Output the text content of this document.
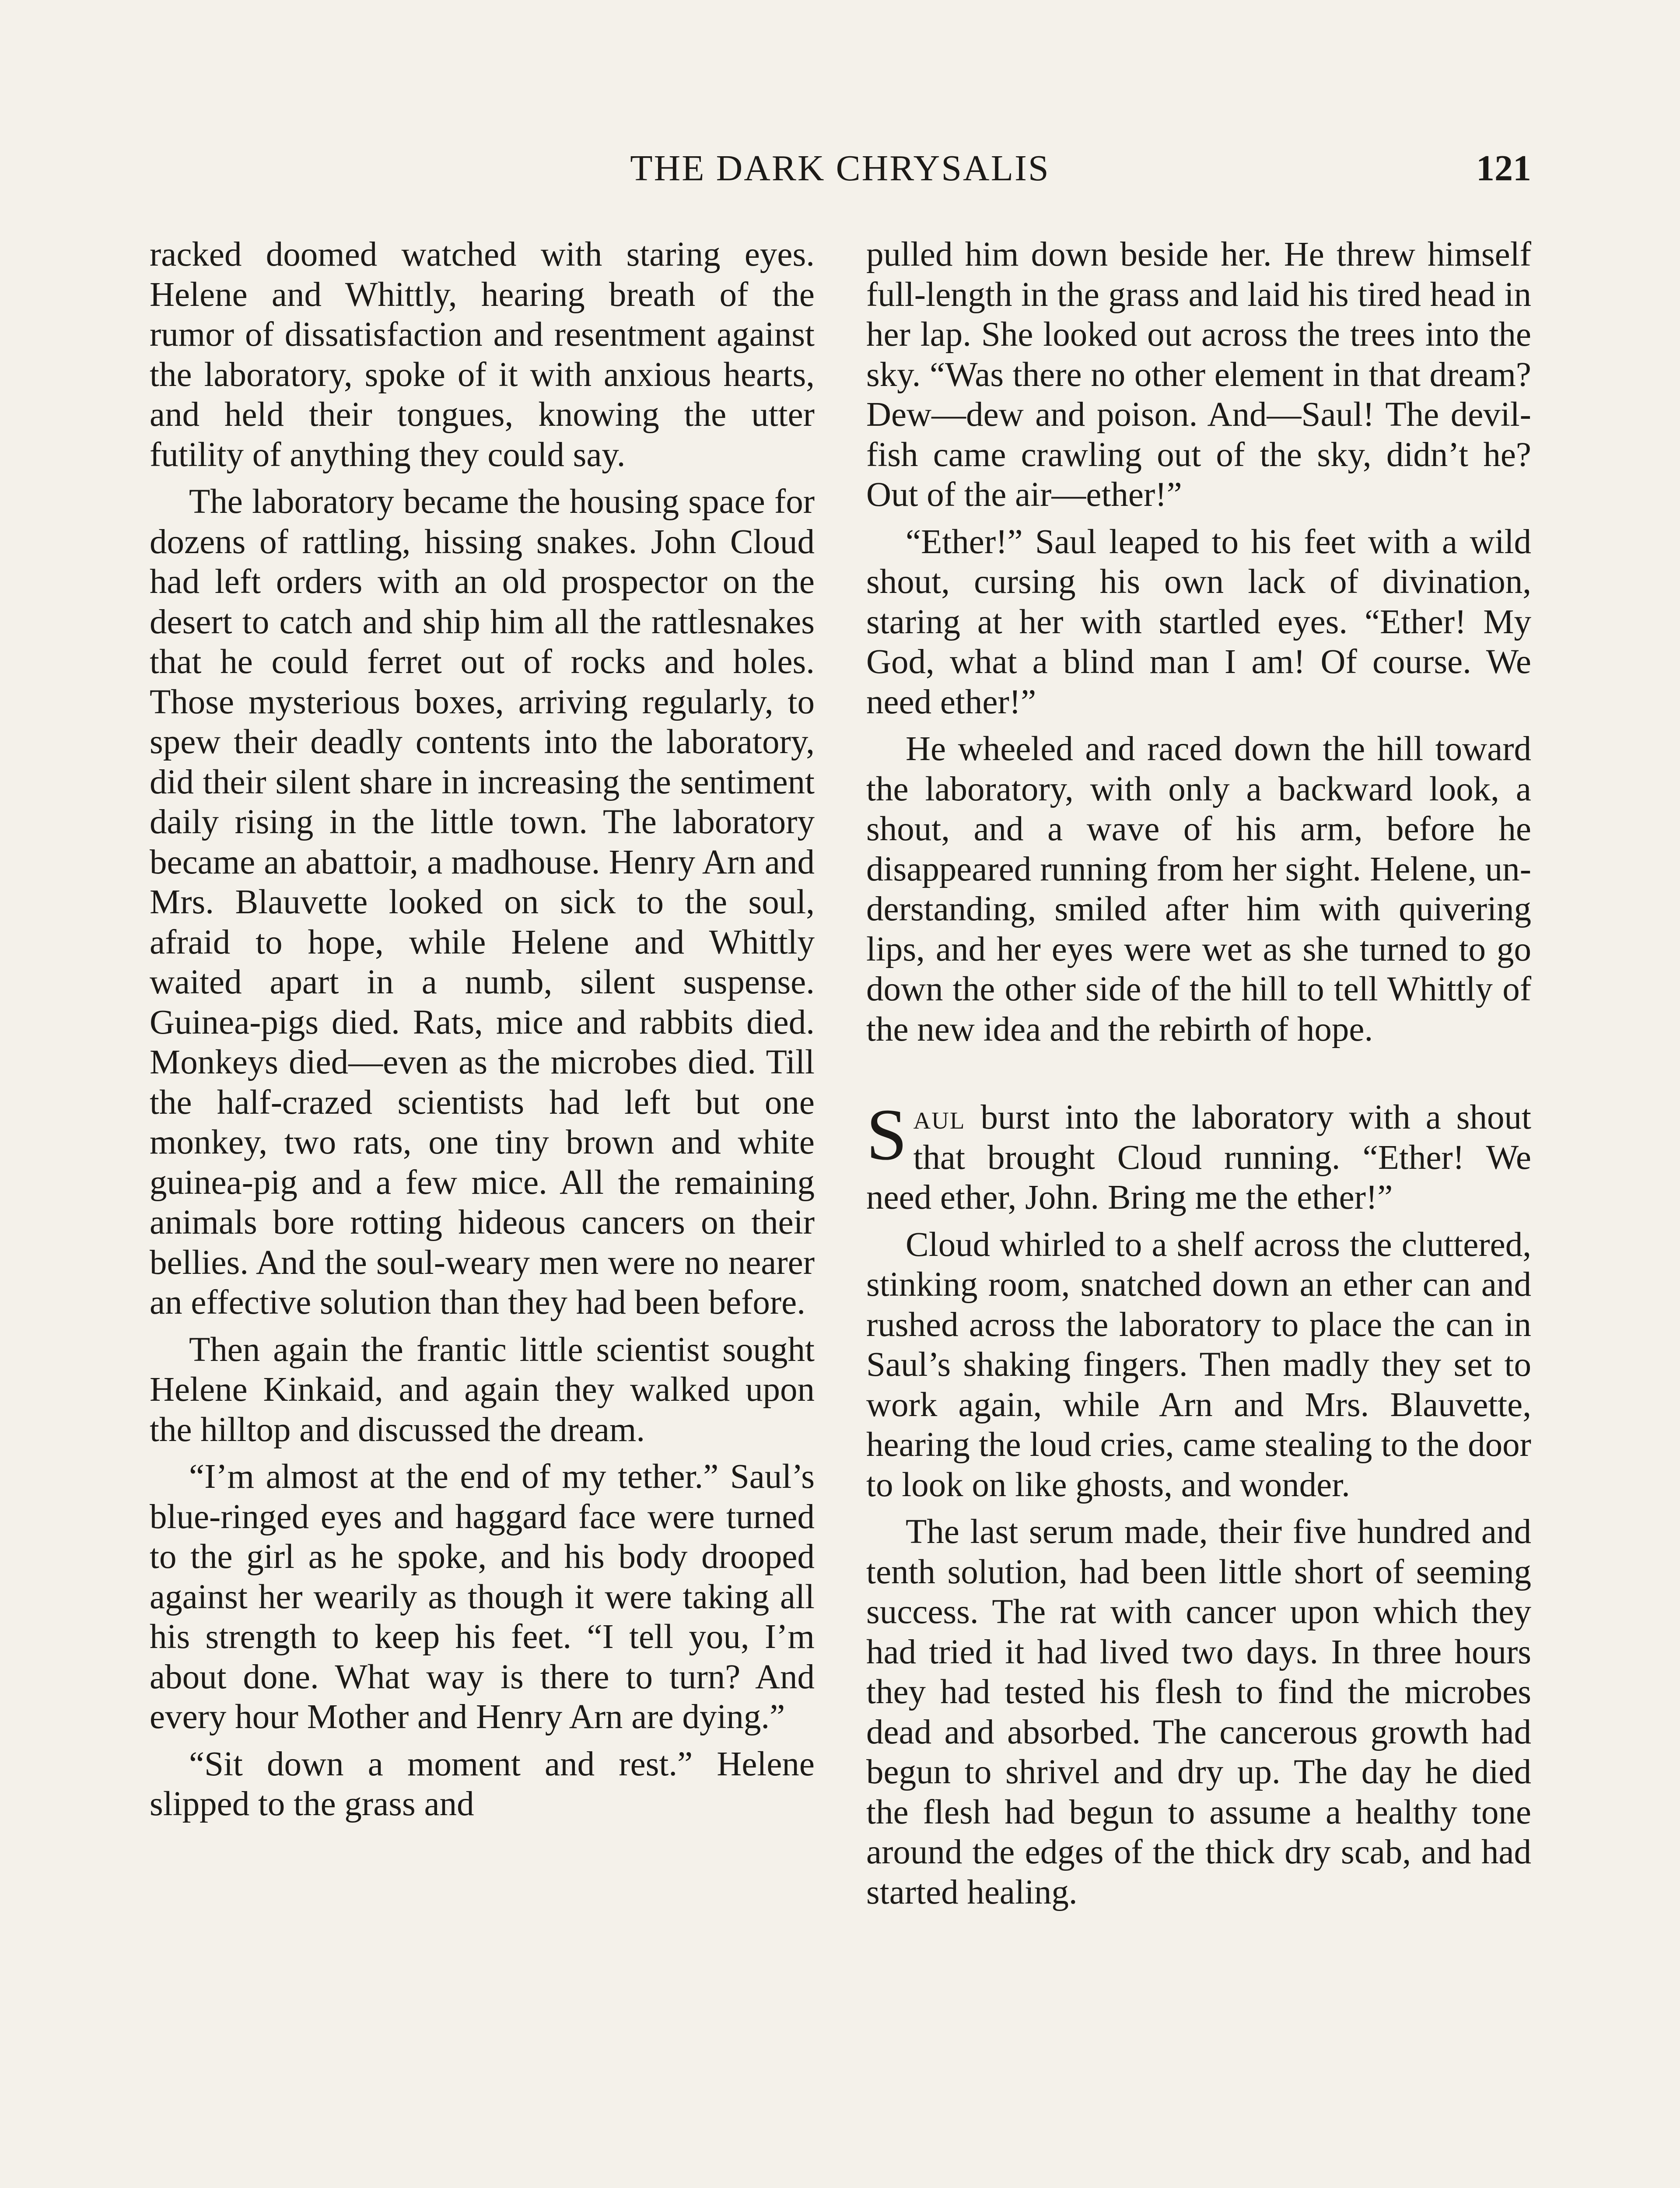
THE DARK CHRYSALIS	121

racked doomed watched with staring eyes. Helene and Whittly, hearing breath of the rumor of dissatisfaction and resentment against the laboratory, spoke of it with anxious hearts, and held their tongues, knowing the utter futility of anything they could say.

The laboratory became the housing space for dozens of rattling, hissing snakes. John Cloud had left orders with an old prospector on the desert to catch and ship him all the rattlesnakes that he could ferret out of rocks and holes. Those mysterious boxes, arriving regularly, to spew their deadly contents into the laboratory, did their silent share in increasing the sentiment daily rising in the little town. The laboratory became an abattoir, a madhouse. Henry Arn and Mrs. Blauvette looked on sick to the soul, afraid to hope, while Helene and Whittly waited apart in a numb, silent suspense. Guinea-pigs died. Rats, mice and rabbits died. Monkeys died—even as the microbes died. Till the half-crazed scientists had left but one monkey, two rats, one tiny brown and white guinea-pig and a few mice. All the remaining animals bore rotting hideous cancers on their bellies. And the soul-weary men were no nearer an effective solution than they had been before.

Then again the frantic little scientist sought Helene Kinkaid, and again they walked upon the hilltop and discussed the dream.

“I’m almost at the end of my tether.” Saul’s blue-ringed eyes and haggard face were turned to the girl as he spoke, and his body drooped against her wearily as though it were taking all his strength to keep his feet. “I tell you, I’m about done. What way is there to turn? And every hour Mother and Henry Arn are dying.”

“Sit down a moment and rest.” Helene slipped to the grass and

pulled him down beside her. He threw himself full-length in the grass and laid his tired head in her lap. She looked out across the trees into the sky. “Was there no other element in that dream? Dew—dew and poison. And—Saul! The devil-fish came crawling out of the sky, didn’t he? Out of the air—ether!”

“Ether!” Saul leaped to his feet with a wild shout, cursing his own lack of divination, staring at her with startled eyes. “Ether! My God, what a blind man I am! Of course. We need ether!”

He wheeled and raced down the hill toward the laboratory, with only a backward look, a shout, and a wave of his arm, before he disappeared running from her sight. Helene, understanding, smiled after him with quivering lips, and her eyes were wet as she turned to go down the other side of the hill to tell Whittly of the new idea and the rebirth of hope.

Saul burst into the laboratory with a shout that brought Cloud running. “Ether! We need ether, John. Bring me the ether!”

Cloud whirled to a shelf across the cluttered, stinking room, snatched down an ether can and rushed across the laboratory to place the can in Saul’s shaking fingers. Then madly they set to work again, while Arn and Mrs. Blauvette, hearing the loud cries, came stealing to the door to look on like ghosts, and wonder.

The last serum made, their five hundred and tenth solution, had been little short of seeming success. The rat with cancer upon which they had tried it had lived two days. In three hours they had tested his flesh to find the microbes dead and absorbed. The cancerous growth had begun to shrivel and dry up. The day he died the flesh had begun to assume a healthy tone around the edges of the thick dry scab, and had started healing.
